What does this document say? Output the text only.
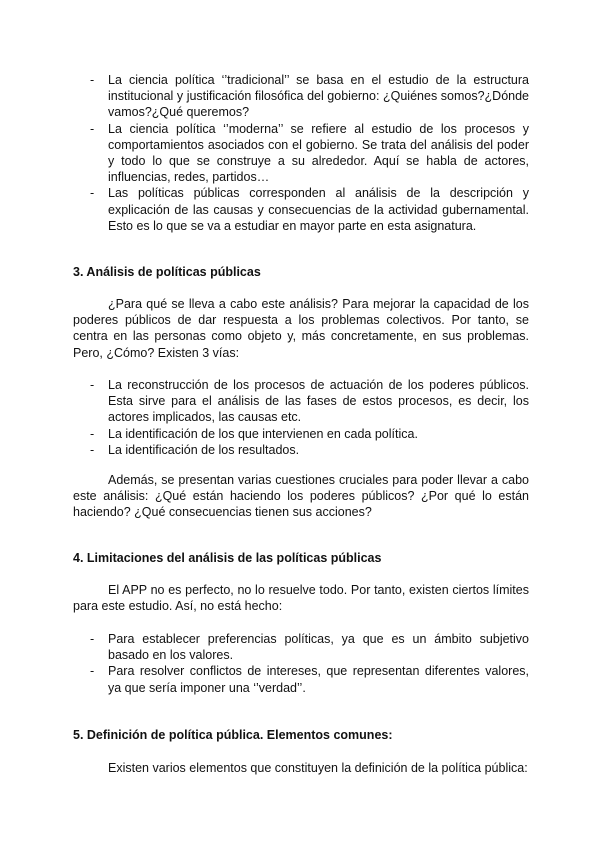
- La ciencia política ‘’tradicional’’ se basa en el estudio de la estructura institucional y justificación filosófica del gobierno: ¿Quiénes somos?¿Dónde vamos?¿Qué queremos?
- La ciencia política ‘’moderna’’ se refiere al estudio de los procesos y comportamientos asociados con el gobierno. Se trata del análisis del poder y todo lo que se construye a su alrededor. Aquí se habla de actores, influencias, redes, partidos…
- Las políticas públicas corresponden al análisis de la descripción y explicación de las causas y consecuencias de la actividad gubernamental. Esto es lo que se va a estudiar en mayor parte en esta asignatura.
3. Análisis de políticas públicas

¿Para qué se lleva a cabo este análisis? Para mejorar la capacidad de los poderes públicos de dar respuesta a los problemas colectivos. Por tanto, se centra en las personas como objeto y, más concretamente, en sus problemas. Pero, ¿Cómo? Existen 3 vías:

- La reconstrucción de los procesos de actuación de los poderes públicos. Esta sirve para el análisis de las fases de estos procesos, es decir, los actores implicados, las causas etc.
- La identificación de los que intervienen en cada política.
- La identificación de los resultados.

Además, se presentan varias cuestiones cruciales para poder llevar a cabo este análisis: ¿Qué están haciendo los poderes públicos? ¿Por qué lo están haciendo? ¿Qué consecuencias tienen sus acciones?

4. Limitaciones del análisis de las políticas públicas

El APP no es perfecto, no lo resuelve todo. Por tanto, existen ciertos límites para este estudio. Así, no está hecho:

- Para establecer preferencias políticas, ya que es un ámbito subjetivo basado en los valores.
- Para resolver conflictos de intereses, que representan diferentes valores, ya que sería imponer una ‘’verdad’’.
5. Definición de política pública. Elementos comunes:

Existen varios elementos que constituyen la definición de la política pública:
